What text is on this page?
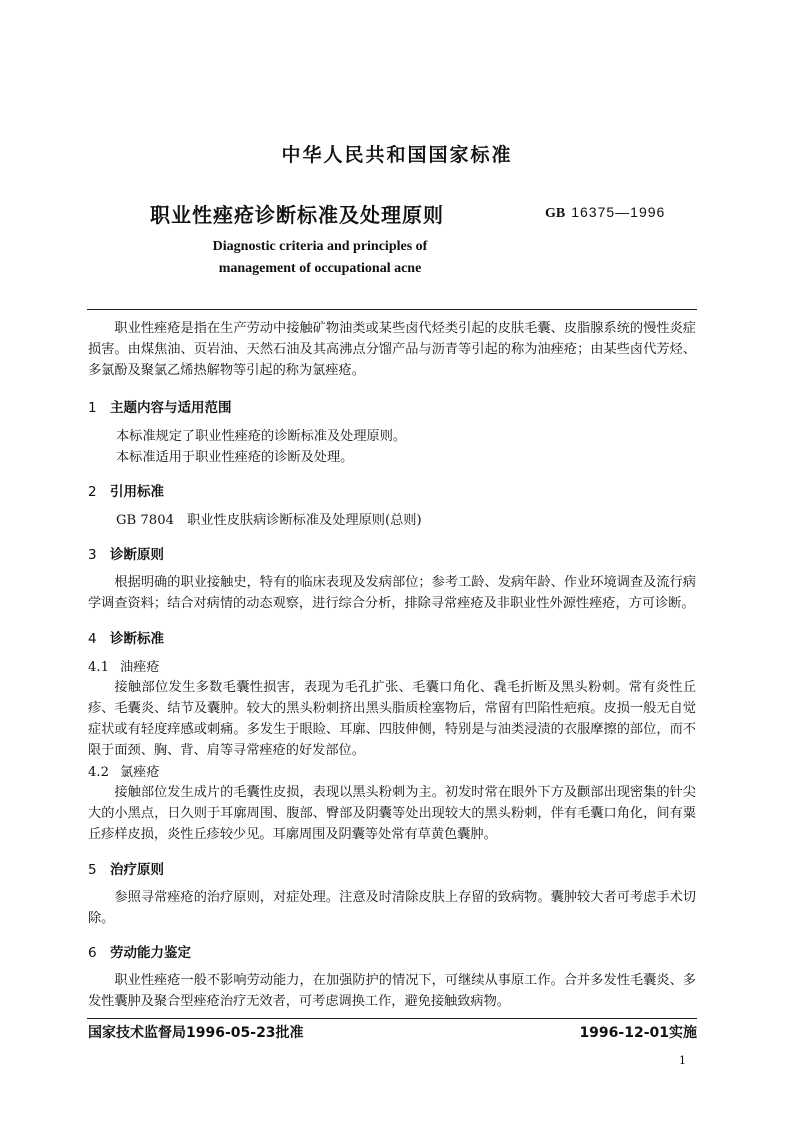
中华人民共和国国家标准
职业性痤疮诊断标准及处理原则	GB 16375—1996
Diagnostic criteria and principles of
management of occupational acne
职业性痤疮是指在生产劳动中接触矿物油类或某些卤代烃类引起的皮肤毛囊、皮脂腺系统的慢性炎症损害。由煤焦油、页岩油、天然石油及其高沸点分馏产品与沥青等引起的称为油痤疮；由某些卤代芳烃、多氯酚及聚氯乙烯热解物等引起的称为氯痤疮。
1 主题内容与适用范围
本标准规定了职业性痤疮的诊断标准及处理原则。
本标准适用于职业性痤疮的诊断及处理。
2 引用标准
GB 7804　职业性皮肤病诊断标准及处理原则(总则)
3 诊断原则
根据明确的职业接触史，特有的临床表现及发病部位；参考工龄、发病年龄、作业环境调查及流行病学调查资料；结合对病情的动态观察，进行综合分析，排除寻常痤疮及非职业性外源性痤疮，方可诊断。
4 诊断标准
4.1 油痤疮
接触部位发生多数毛囊性损害，表现为毛孔扩张、毛囊口角化、毳毛折断及黑头粉刺。常有炎性丘疹、毛囊炎、结节及囊肿。较大的黑头粉刺挤出黑头脂质栓塞物后，常留有凹陷性疤痕。皮损一般无自觉症状或有轻度痒感或刺痛。多发生于眼睑、耳廓、四肢伸侧，特别是与油类浸渍的衣服摩擦的部位，而不限于面颈、胸、背、肩等寻常痤疮的好发部位。
4.2 氯痤疮
接触部位发生成片的毛囊性皮损，表现以黑头粉刺为主。初发时常在眼外下方及颧部出现密集的针尖大的小黑点，日久则于耳廓周围、腹部、臀部及阴囊等处出现较大的黑头粉刺，伴有毛囊口角化，间有粟丘疹样皮损，炎性丘疹较少见。耳廓周围及阴囊等处常有草黄色囊肿。
5 治疗原则
参照寻常痤疮的治疗原则，对症处理。注意及时清除皮肤上存留的致病物。囊肿较大者可考虑手术切除。
6 劳动能力鉴定
职业性痤疮一般不影响劳动能力，在加强防护的情况下，可继续从事原工作。合并多发性毛囊炎、多发性囊肿及聚合型痤疮治疗无效者，可考虑调换工作，避免接触致病物。
国家技术监督局1996-05-23批准	1996-12-01实施
1
